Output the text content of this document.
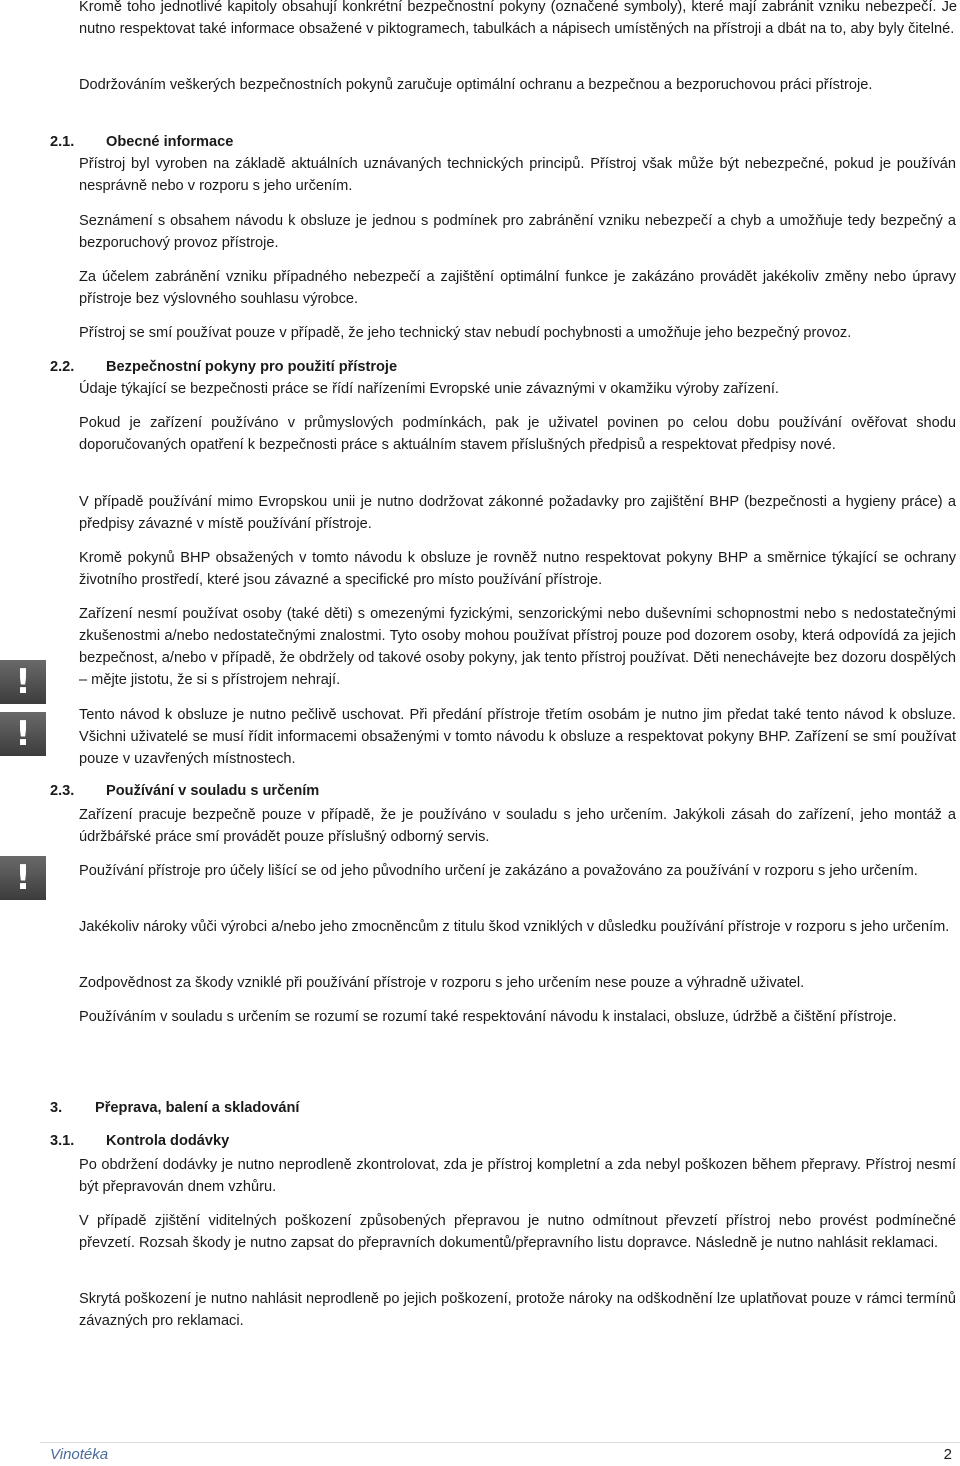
Kromě toho jednotlivé kapitoly obsahují konkrétní bezpečnostní pokyny (označené symboly), které mají zabránit vzniku nebezpečí. Je nutno respektovat také informace obsažené v piktogramech, tabulkách a nápisech umístěných na přístroji a dbát na to, aby byly čitelné.

Dodržováním veškerých bezpečnostních pokynů zaručuje optimální ochranu a bezpečnou a bezporuchovou práci přístroje.

2.1. Obecné informace

Přístroj byl vyroben na základě aktuálních uznávaných technických principů. Přístroj však může být nebezpečné, pokud je používán nesprávně nebo v rozporu s jeho určením.

Seznámení s obsahem návodu k obsluze je jednou s podmínek pro zabránění vzniku nebezpečí a chyb a umožňuje tedy bezpečný a bezporuchový provoz přístroje.

Za účelem zabránění vzniku případného nebezpečí a zajištění optimální funkce je zakázáno provádět jakékoliv změny nebo úpravy přístroje bez výslovného souhlasu výrobce.

Přístroj se smí používat pouze v případě, že jeho technický stav nebudí pochybnosti a umožňuje jeho bezpečný provoz.

2.2. Bezpečnostní pokyny pro použití přístroje

Údaje týkající se bezpečnosti práce se řídí nařízeními Evropské unie závaznými v okamžiku výroby zařízení.

Pokud je zařízení používáno v průmyslových podmínkách, pak je uživatel povinen po celou dobu používání ověřovat shodu doporučovaných opatření k bezpečnosti práce s aktuálním stavem příslušných předpisů a respektovat předpisy nové.

V případě používání mimo Evropskou unii je nutno dodržovat zákonné požadavky pro zajištění BHP (bezpečnosti a hygieny práce) a předpisy závazné v místě používání přístroje.

Kromě pokynů BHP obsažených v tomto návodu k obsluze je rovněž nutno respektovat pokyny BHP a směrnice týkající se ochrany životního prostředí, které jsou závazné a specifické pro místo používání přístroje.

!

Zařízení nesmí používat osoby (také děti) s omezenými fyzickými, senzorickými nebo duševními schopnostmi nebo s nedostatečnými zkušenostmi a/nebo nedostatečnými znalostmi. Tyto osoby mohou používat přístroj pouze pod dozorem osoby, která odpovídá za jejich bezpečnost, a/nebo v případě, že obdržely od takové osoby pokyny, jak tento přístroj používat. Děti nenechávejte bez dozoru dospělých – mějte jistotu, že si s přístrojem nehrají.

!	Tento návod k obsluze je nutno pečlivě uschovat. Při předání přístroje třetím osobám je nutno jim předat také tento návod k obsluze. Všichni uživatelé se musí řídit informacemi obsaženými v tomto návodu k obsluze a respektovat pokyny BHP. Zařízení se smí používat pouze v uzavřených místnostech.

2.3. Používání v souladu s určením

Zařízení pracuje bezpečně pouze v případě, že je používáno v souladu s jeho určením. Jakýkoli zásah do zařízení, jeho montáž a údržbářské práce smí provádět pouze příslušný odborný servis.

!	Používání přístroje pro účely lišící se od jeho původního určení je zakázáno a považováno za používání v rozporu s jeho určením.

Jakékoliv nároky vůči výrobci a/nebo jeho zmocněncům z titulu škod vzniklých v důsledku používání přístroje v rozporu s jeho určením.

Zodpovědnost za škody vzniklé při používání přístroje v rozporu s jeho určením nese pouze a výhradně uživatel.

Používáním v souladu s určením se rozumí se rozumí také respektování návodu k instalaci, obsluze, údržbě a čištění přístroje.

3. Přeprava, balení a skladování
3.1. Kontrola dodávky

Po obdržení dodávky je nutno neprodleně zkontrolovat, zda je přístroj kompletní a zda nebyl poškozen během přepravy. Přístroj nesmí být přepravován dnem vzhůru.

V případě zjištění viditelných poškození způsobených přepravou je nutno odmítnout převzetí přístroj nebo provést podmínečné převzetí. Rozsah škody je nutno zapsat do přepravních dokumentů/přepravního listu dopravce. Následně je nutno nahlásit reklamaci.

Skrytá poškození je nutno nahlásit neprodleně po jejich poškození, protože nároky na odškodnění lze uplatňovat pouze v rámci termínů závazných pro reklamaci.

Vinotéka	2
